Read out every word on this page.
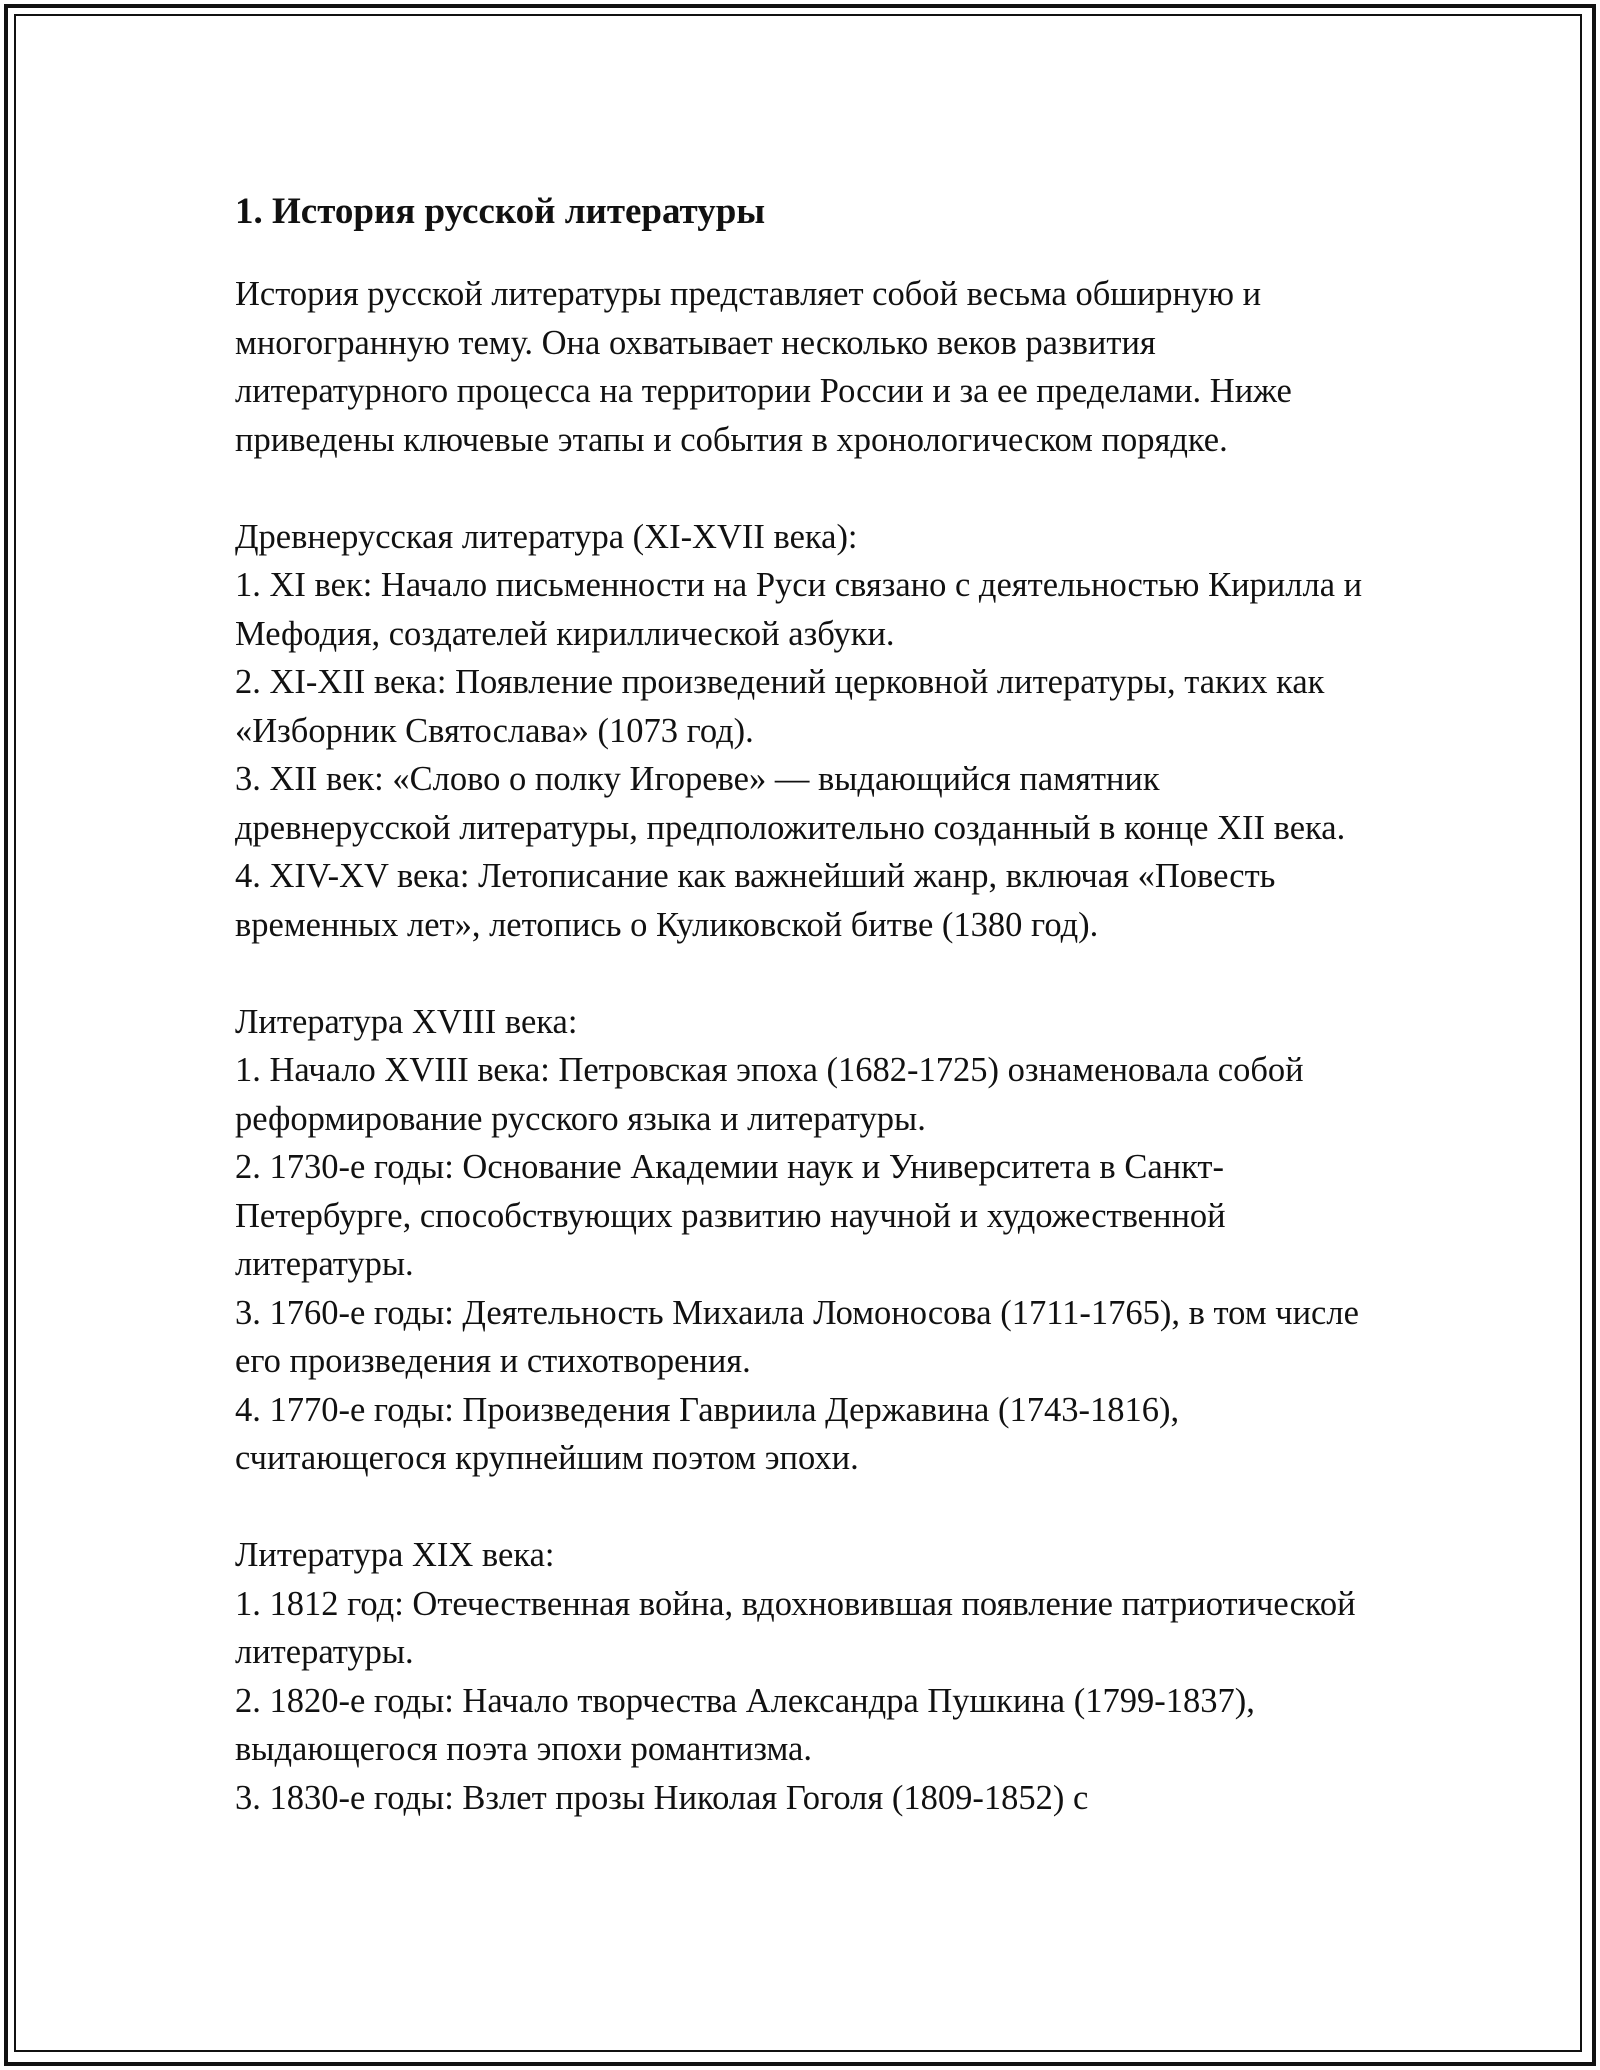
1. История русской литературы

История русской литературы представляет собой весьма обширную и многогранную тему. Она охватывает несколько веков развития литературного процесса на территории России и за ее пределами. Ниже приведены ключевые этапы и события в хронологическом порядке.

Древнерусская литература (XI-XVII века):

1. XI век: Начало письменности на Руси связано с деятельностью Кирилла и Мефодия, создателей кириллической азбуки.

2. XI-XII века: Появление произведений церковной литературы, таких как «Изборник Святослава» (1073 год).

3. XII век: «Слово о полку Игореве» — выдающийся памятник древнерусской литературы, предположительно созданный в конце XII века.

4. XIV-XV века: Летописание как важнейший жанр, включая «Повесть временных лет», летопись о Куликовской битве (1380 год).

Литература XVIII века:

1. Начало XVIII века: Петровская эпоха (1682-1725) ознаменовала собой реформирование русского языка и литературы.

2. 1730-е годы: Основание Академии наук и Университета в Санкт-Петербурге, способствующих развитию научной и художественной литературы.

3. 1760-е годы: Деятельность Михаила Ломоносова (1711-1765), в том числе его произведения и стихотворения.

4. 1770-е годы: Произведения Гавриила Державина (1743-1816), считающегося крупнейшим поэтом эпохи.

Литература XIX века:

1. 1812 год: Отечественная война, вдохновившая появление патриотической литературы.

2. 1820-е годы: Начало творчества Александра Пушкина (1799-1837), выдающегося поэта эпохи романтизма.

3. 1830-е годы: Взлет прозы Николая Гоголя (1809-1852) с
